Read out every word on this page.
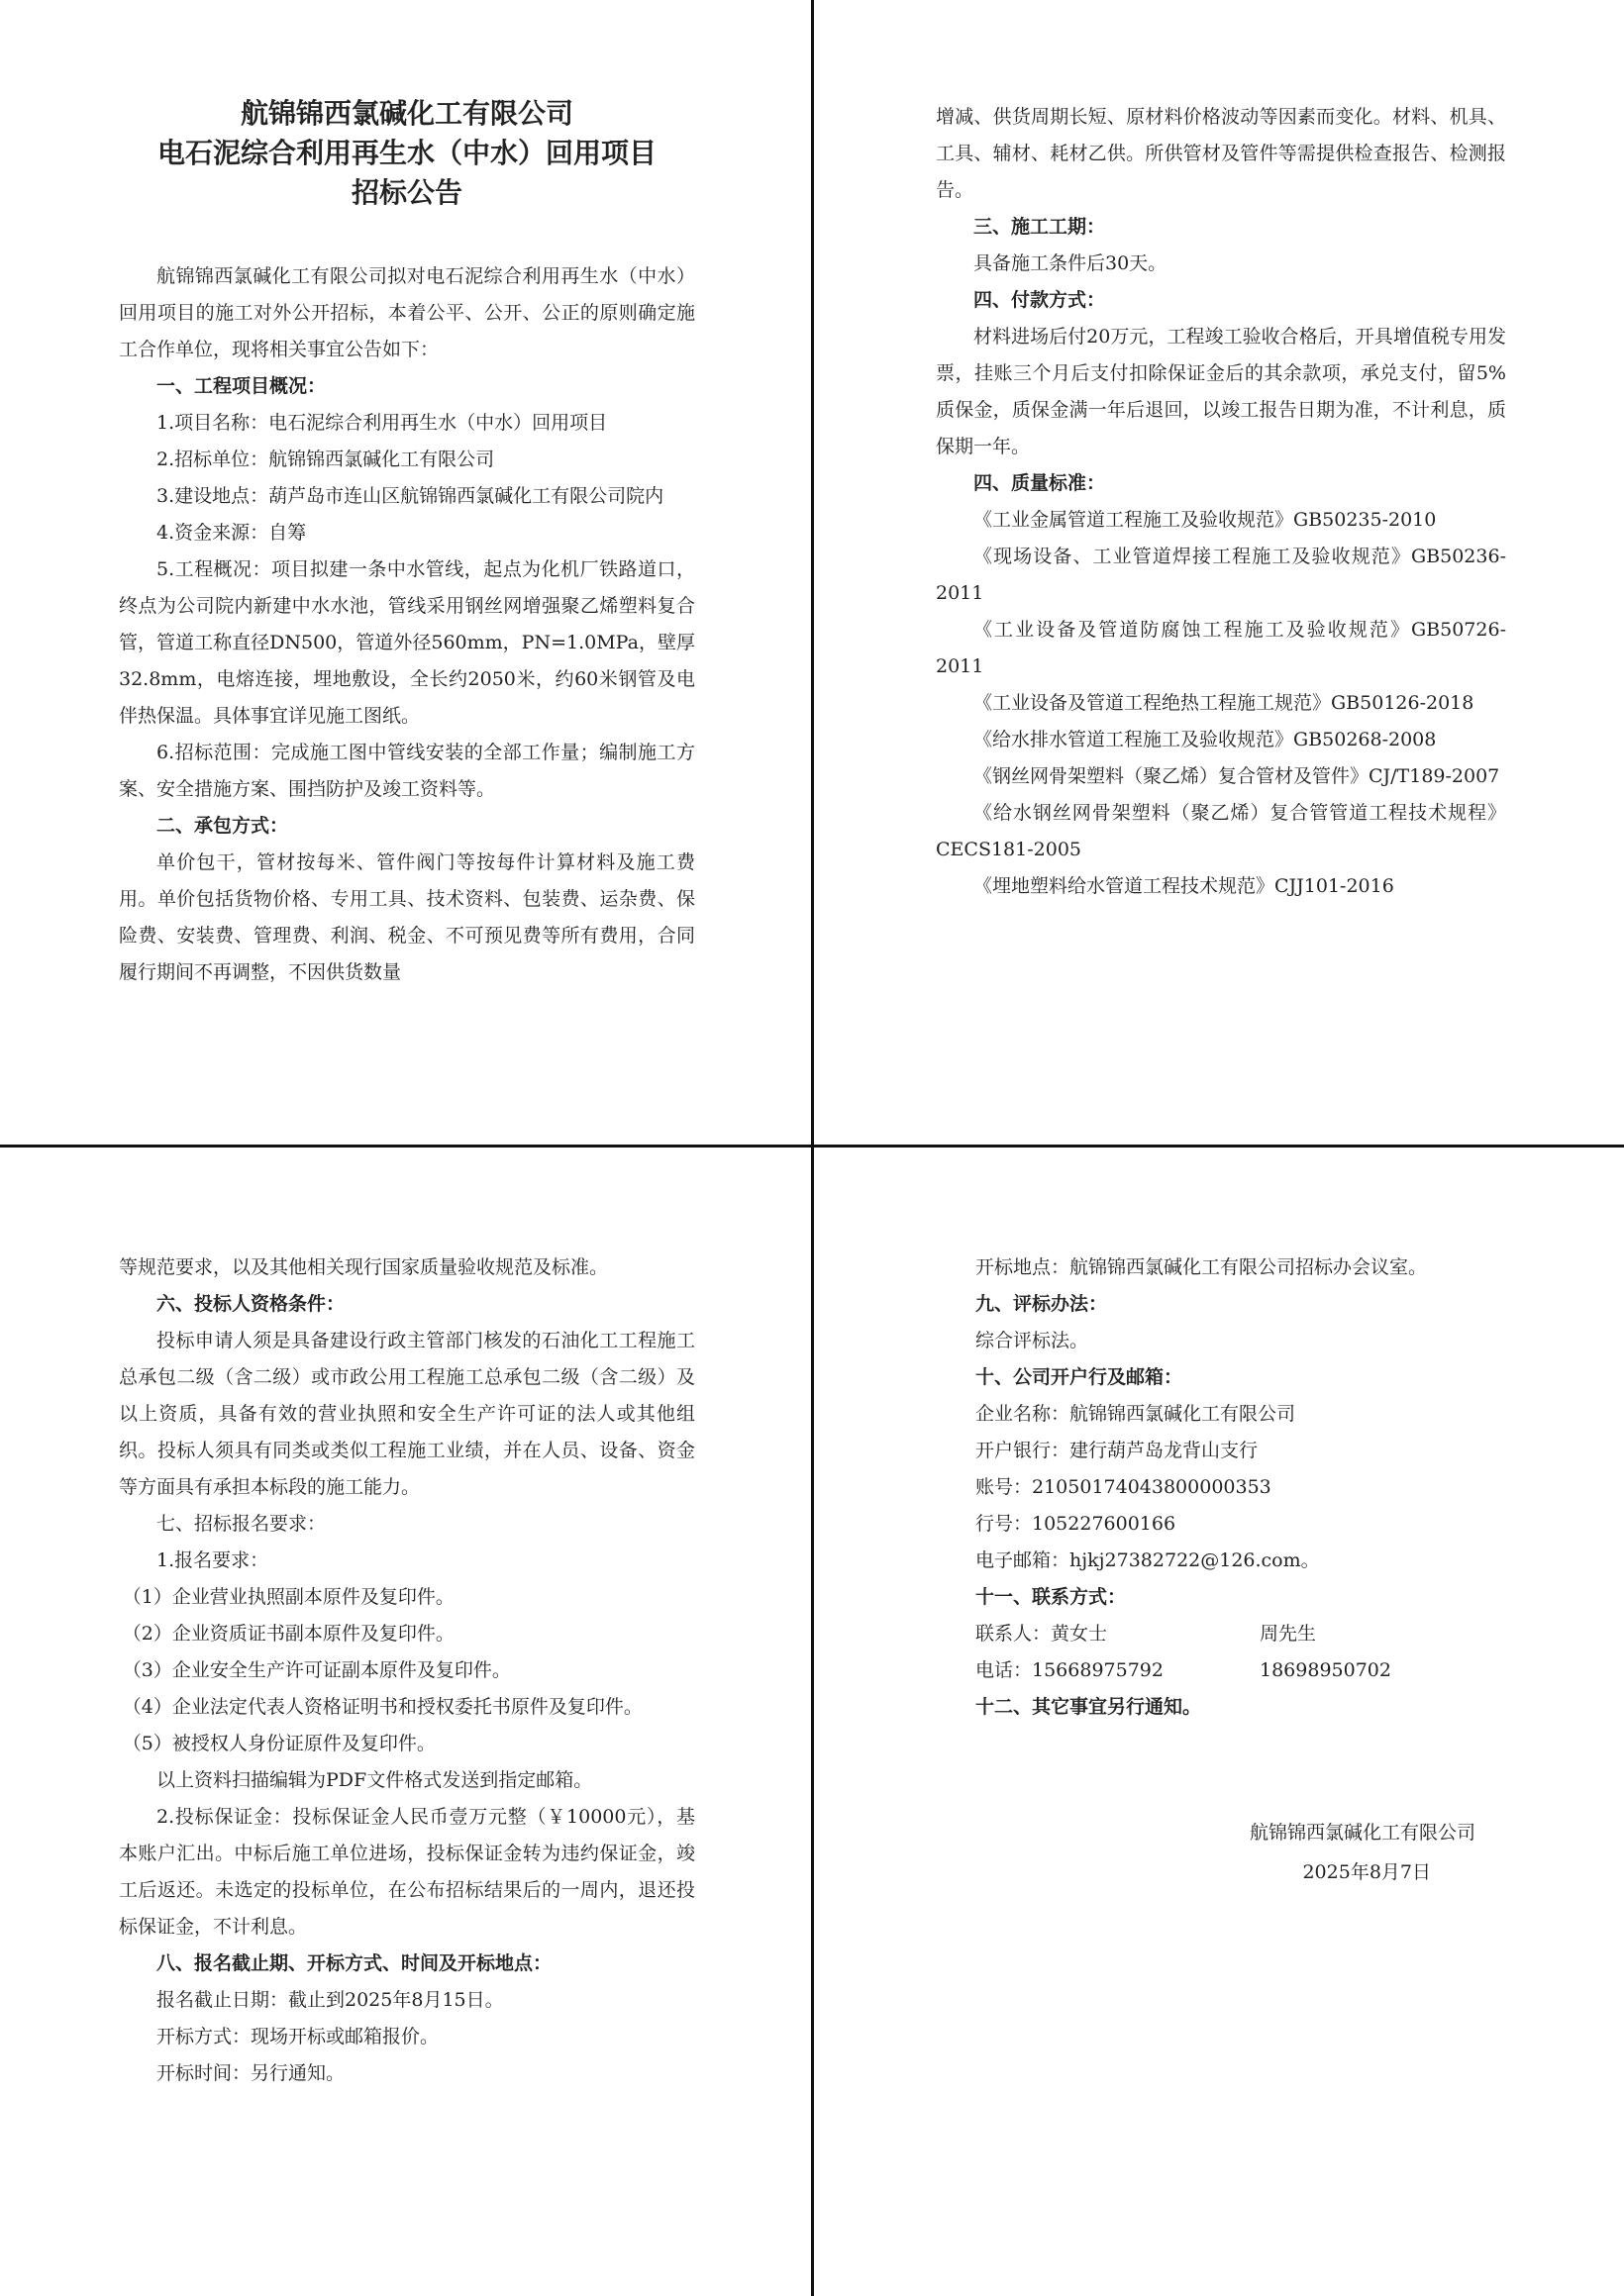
航锦锦西氯碱化工有限公司

电石泥综合利用再生水（中水）回用项目

招标公告

航锦锦西氯碱化工有限公司拟对电石泥综合利用再生水（中水）回用项目的施工对外公开招标，本着公平、公开、公正的原则确定施工合作单位，现将相关事宜公告如下：

一、工程项目概况：

1.项目名称：电石泥综合利用再生水（中水）回用项目

2.招标单位：航锦锦西氯碱化工有限公司

3.建设地点：葫芦岛市连山区航锦锦西氯碱化工有限公司院内

4.资金来源：自筹

5.工程概况：项目拟建一条中水管线，起点为化机厂铁路道口，终点为公司院内新建中水水池，管线采用钢丝网增强聚乙烯塑料复合管，管道工称直径DN500，管道外径560mm，PN=1.0MPa，壁厚32.8mm，电熔连接，埋地敷设，全长约2050米，约60米钢管及电伴热保温。具体事宜详见施工图纸。

6.招标范围：完成施工图中管线安装的全部工作量；编制施工方案、安全措施方案、围挡防护及竣工资料等。

二、承包方式：

单价包干，管材按每米、管件阀门等按每件计算材料及施工费用。单价包括货物价格、专用工具、技术资料、包装费、运杂费、保险费、安装费、管理费、利润、税金、不可预见费等所有费用，合同履行期间不再调整，不因供货数量

增减、供货周期长短、原材料价格波动等因素而变化。材料、机具、工具、辅材、耗材乙供。所供管材及管件等需提供检查报告、检测报告。

三、施工工期：

具备施工条件后30天。

四、付款方式：

材料进场后付20万元，工程竣工验收合格后，开具增值税专用发票，挂账三个月后支付扣除保证金后的其余款项，承兑支付，留5%质保金，质保金满一年后退回，以竣工报告日期为准，不计利息，质保期一年。

四、质量标准：

《工业金属管道工程施工及验收规范》GB50235-2010

《现场设备、工业管道焊接工程施工及验收规范》GB50236-2011

《工业设备及管道防腐蚀工程施工及验收规范》GB50726-2011

《工业设备及管道工程绝热工程施工规范》GB50126-2018

《给水排水管道工程施工及验收规范》GB50268-2008

《钢丝网骨架塑料（聚乙烯）复合管材及管件》CJ/T189-2007

《给水钢丝网骨架塑料（聚乙烯）复合管管道工程技术规程》CECS181-2005

《埋地塑料给水管道工程技术规范》CJJ101-2016

等规范要求，以及其他相关现行国家质量验收规范及标准。

六、投标人资格条件：

投标申请人须是具备建设行政主管部门核发的石油化工工程施工总承包二级（含二级）或市政公用工程施工总承包二级（含二级）及以上资质，具备有效的营业执照和安全生产许可证的法人或其他组织。投标人须具有同类或类似工程施工业绩，并在人员、设备、资金等方面具有承担本标段的施工能力。

七、招标报名要求：

1.报名要求：

（1）企业营业执照副本原件及复印件。

（2）企业资质证书副本原件及复印件。

（3）企业安全生产许可证副本原件及复印件。

（4）企业法定代表人资格证明书和授权委托书原件及复印件。

（5）被授权人身份证原件及复印件。

以上资料扫描编辑为PDF文件格式发送到指定邮箱。

2.投标保证金：投标保证金人民币壹万元整（￥10000元），基本账户汇出。中标后施工单位进场，投标保证金转为违约保证金，竣工后返还。未选定的投标单位，在公布招标结果后的一周内，退还投标保证金，不计利息。

八、报名截止期、开标方式、时间及开标地点：

报名截止日期：截止到2025年8月15日。

开标方式：现场开标或邮箱报价。

开标时间：另行通知。

开标地点：航锦锦西氯碱化工有限公司招标办会议室。

九、评标办法：

综合评标法。

十、公司开户行及邮箱：

企业名称：航锦锦西氯碱化工有限公司

开户银行：建行葫芦岛龙背山支行

账号：21050174043800000353

行号：105227600166

电子邮箱：hjkj27382722@126.com。

十一、联系方式：

联系人：黄女士	周先生
电话：15668975792	18698950702

十二、其它事宜另行通知。

航锦锦西氯碱化工有限公司
2025年8月7日
